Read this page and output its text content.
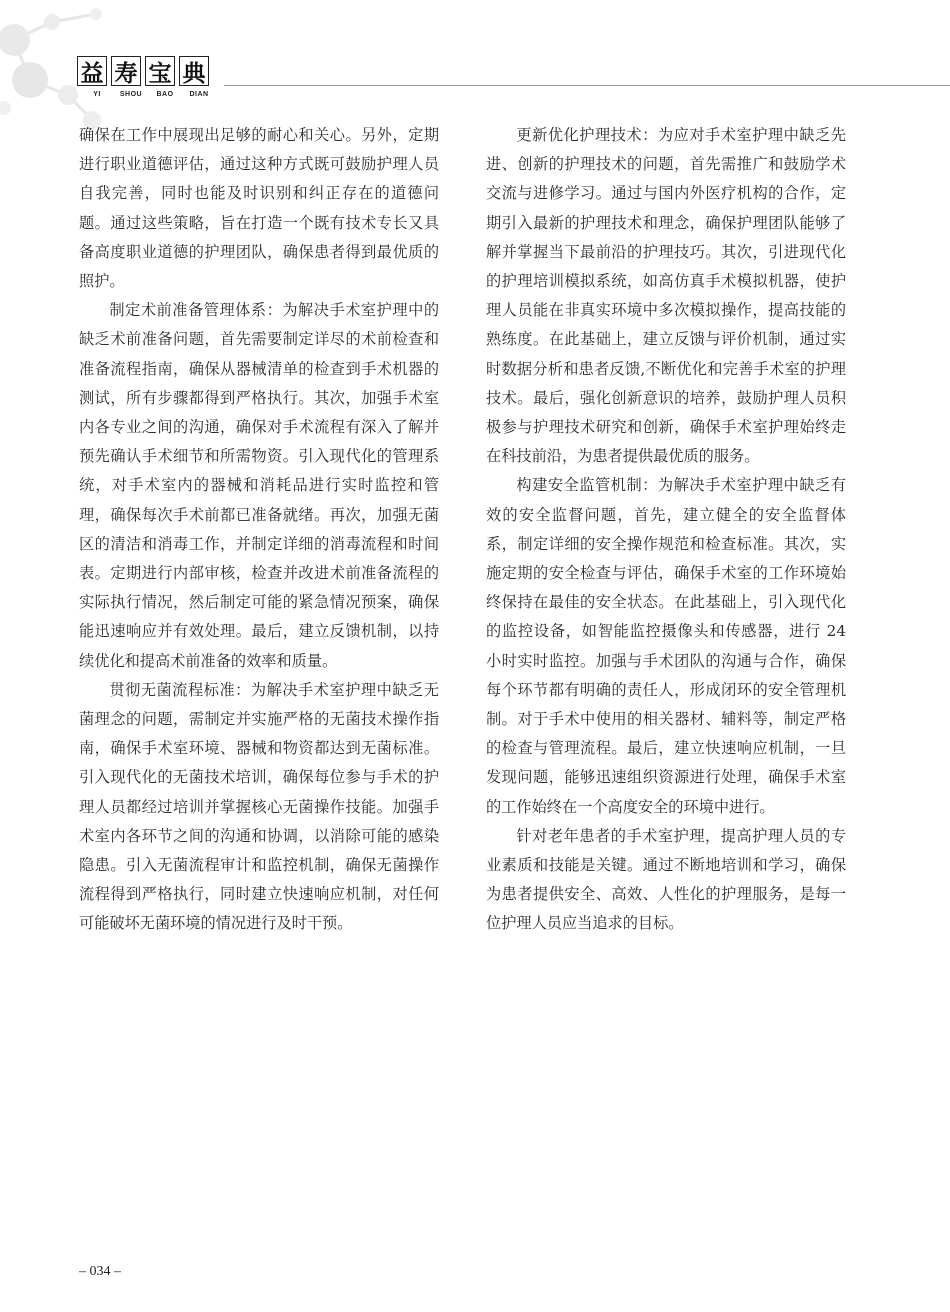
益 寿 宝 典
YI	SHOU	BAO	DIAN

确保在工作中展现出足够的耐心和关心。另外，定期进行职业道德评估，通过这种方式既可鼓励护理人员自我完善，同时也能及时识别和纠正存在的道德问题。通过这些策略，旨在打造一个既有技术专长又具备高度职业道德的护理团队，确保患者得到最优质的照护。

制定术前准备管理体系：为解决手术室护理中的缺乏术前准备问题，首先需要制定详尽的术前检查和准备流程指南，确保从器械清单的检查到手术机器的测试，所有步骤都得到严格执行。其次，加强手术室内各专业之间的沟通，确保对手术流程有深入了解并预先确认手术细节和所需物资。引入现代化的管理系统，对手术室内的器械和消耗品进行实时监控和管理，确保每次手术前都已准备就绪。再次，加强无菌区的清洁和消毒工作，并制定详细的消毒流程和时间表。定期进行内部审核，检查并改进术前准备流程的实际执行情况，然后制定可能的紧急情况预案，确保能迅速响应并有效处理。最后，建立反馈机制，以持续优化和提高术前准备的效率和质量。

贯彻无菌流程标准：为解决手术室护理中缺乏无菌理念的问题，需制定并实施严格的无菌技术操作指南，确保手术室环境、器械和物资都达到无菌标准。引入现代化的无菌技术培训，确保每位参与手术的护理人员都经过培训并掌握核心无菌操作技能。加强手术室内各环节之间的沟通和协调，以消除可能的感染隐患。引入无菌流程审计和监控机制，确保无菌操作流程得到严格执行，同时建立快速响应机制，对任何可能破坏无菌环境的情况进行及时干预。

更新优化护理技术：为应对手术室护理中缺乏先进、创新的护理技术的问题，首先需推广和鼓励学术交流与进修学习。通过与国内外医疗机构的合作，定期引入最新的护理技术和理念，确保护理团队能够了解并掌握当下最前沿的护理技巧。其次，引进现代化的护理培训模拟系统，如高仿真手术模拟机器，使护理人员能在非真实环境中多次模拟操作，提高技能的熟练度。在此基础上，建立反馈与评价机制，通过实时数据分析和患者反馈,不断优化和完善手术室的护理技术。最后，强化创新意识的培养，鼓励护理人员积极参与护理技术研究和创新，确保手术室护理始终走在科技前沿，为患者提供最优质的服务。

构建安全监管机制：为解决手术室护理中缺乏有效的安全监督问题，首先，建立健全的安全监督体系，制定详细的安全操作规范和检查标准。其次，实施定期的安全检查与评估，确保手术室的工作环境始终保持在最佳的安全状态。在此基础上，引入现代化的监控设备，如智能监控摄像头和传感器，进行 24 小时实时监控。加强与手术团队的沟通与合作，确保每个环节都有明确的责任人，形成闭环的安全管理机制。对于手术中使用的相关器材、辅料等，制定严格的检查与管理流程。最后，建立快速响应机制，一旦发现问题，能够迅速组织资源进行处理，确保手术室的工作始终在一个高度安全的环境中进行。

针对老年患者的手术室护理，提高护理人员的专业素质和技能是关键。通过不断地培训和学习，确保为患者提供安全、高效、人性化的护理服务，是每一位护理人员应当追求的目标。

– 034 –
